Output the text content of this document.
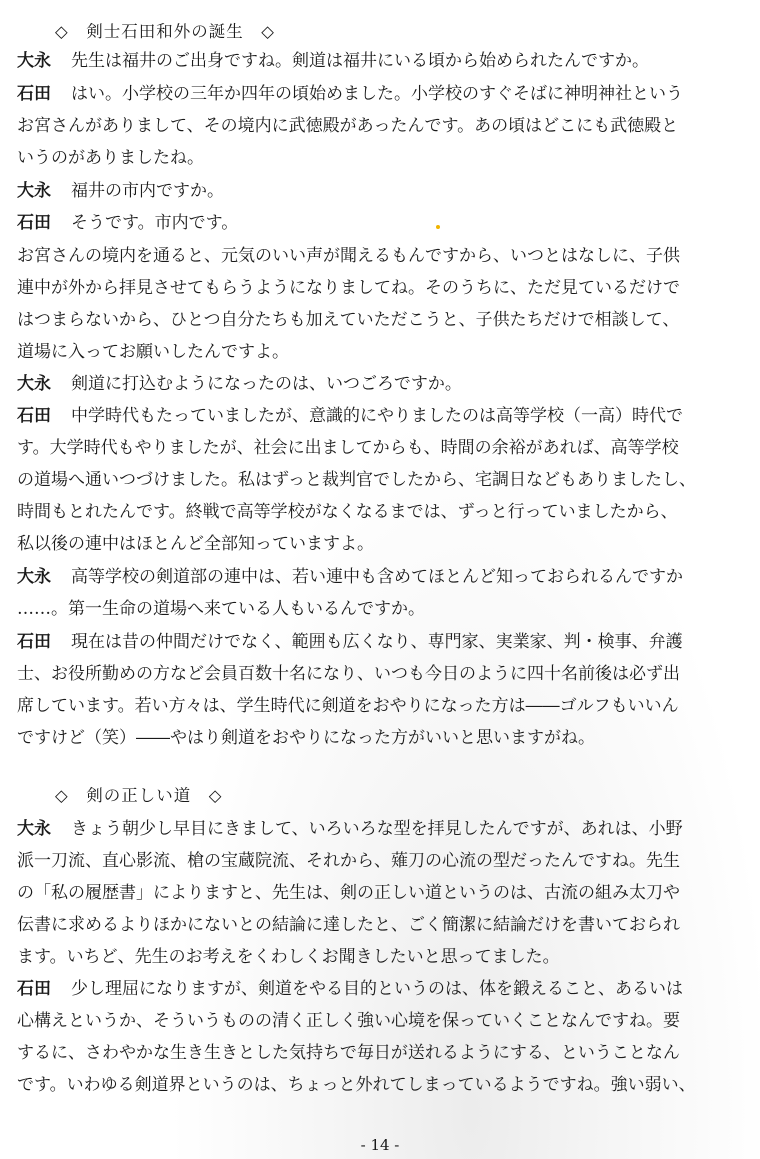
◇　剣士石田和外の誕生　◇
◇　剣の正しい道　◇
大永 先生は福井のご出身ですね。剣道は福井にいる頃から始められたんですか。
石田 はい。小学校の三年か四年の頃始めました。小学校のすぐそばに神明神社という
お宮さんがありまして、その境内に武徳殿があったんです。あの頃はどこにも武徳殿と
いうのがありましたね。
大永 福井の市内ですか。
石田 そうです。市内です。
お宮さんの境内を通ると、元気のいい声が聞えるもんですから、いつとはなしに、子供
連中が外から拝見させてもらうようになりましてね。そのうちに、ただ見ているだけで
はつまらないから、ひとつ自分たちも加えていただこうと、子供たちだけで相談して、
道場に入ってお願いしたんですよ。
大永 剣道に打込むようになったのは、いつごろですか。
石田 中学時代もたっていましたが、意識的にやりましたのは高等学校（一高）時代で
す。大学時代もやりましたが、社会に出ましてからも、時間の余裕があれば、高等学校
の道場へ通いつづけました。私はずっと裁判官でしたから、宅調日などもありましたし、
時間もとれたんです。終戦で高等学校がなくなるまでは、ずっと行っていましたから、
私以後の連中はほとんど全部知っていますよ。
大永 高等学校の剣道部の連中は、若い連中も含めてほとんど知っておられるんですか
……。第一生命の道場へ来ている人もいるんですか。
石田 現在は昔の仲間だけでなく、範囲も広くなり、専門家、実業家、判・検事、弁護
士、お役所勤めの方など会員百数十名になり、いつも今日のように四十名前後は必ず出
席しています。若い方々は、学生時代に剣道をおやりになった方は――ゴルフもいいん
ですけど（笑）――やはり剣道をおやりになった方がいいと思いますがね。
大永 きょう朝少し早目にきまして、いろいろな型を拝見したんですが、あれは、小野
派一刀流、直心影流、槍の宝蔵院流、それから、薙刀の心流の型だったんですね。先生
の「私の履歴書」によりますと、先生は、剣の正しい道というのは、古流の組み太刀や
伝書に求めるよりほかにないとの結論に達したと、ごく簡潔に結論だけを書いておられ
ます。いちど、先生のお考えをくわしくお聞きしたいと思ってました。
石田 少し理屈になりますが、剣道をやる目的というのは、体を鍛えること、あるいは
心構えというか、そういうものの清く正しく強い心境を保っていくことなんですね。要
するに、さわやかな生き生きとした気持ちで毎日が送れるようにする、ということなん
です。いわゆる剣道界というのは、ちょっと外れてしまっているようですね。強い弱い、
- 14 -
